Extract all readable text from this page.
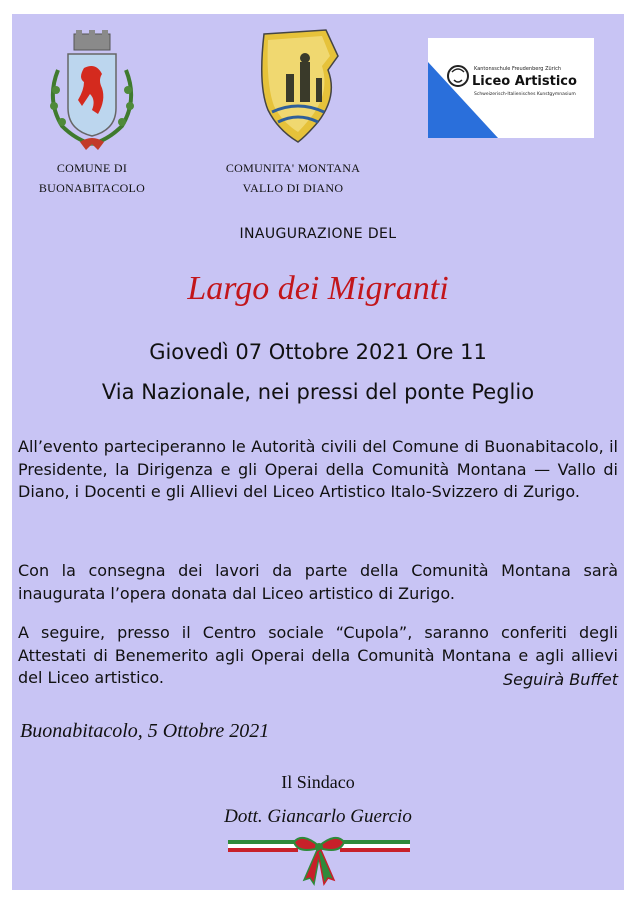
COMUNE DI
BUONABITACOLO
COMUNITA' MONTANA
VALLO DI DIANO
Kantonsschule Freudenberg Zürich
Liceo Artistico
Schweizerisch-Italienisches Kunstgymnasium
INAUGURAZIONE DEL
Largo dei Migranti
Giovedì 07 Ottobre 2021 Ore 11
Via Nazionale, nei pressi del ponte Peglio
All’evento parteciperanno le Autorità civili del Comune di Buonabitacolo, il Presidente, la Dirigenza e gli Operai della Comunità Montana — Vallo di Diano, i Docenti e gli Allievi del Liceo Artistico Italo-Svizzero di Zurigo.
Con la consegna dei lavori da parte della Comunità Montana sarà inaugurata l’opera donata dal Liceo artistico di Zurigo.
A seguire, presso il Centro sociale “Cupola”, saranno conferiti degli Attestati di Benemerito agli Operai della Comunità Montana e agli allievi del Liceo artistico.	Seguirà Buffet
Buonabitacolo, 5 Ottobre 2021
Il Sindaco
Dott. Giancarlo Guercio
